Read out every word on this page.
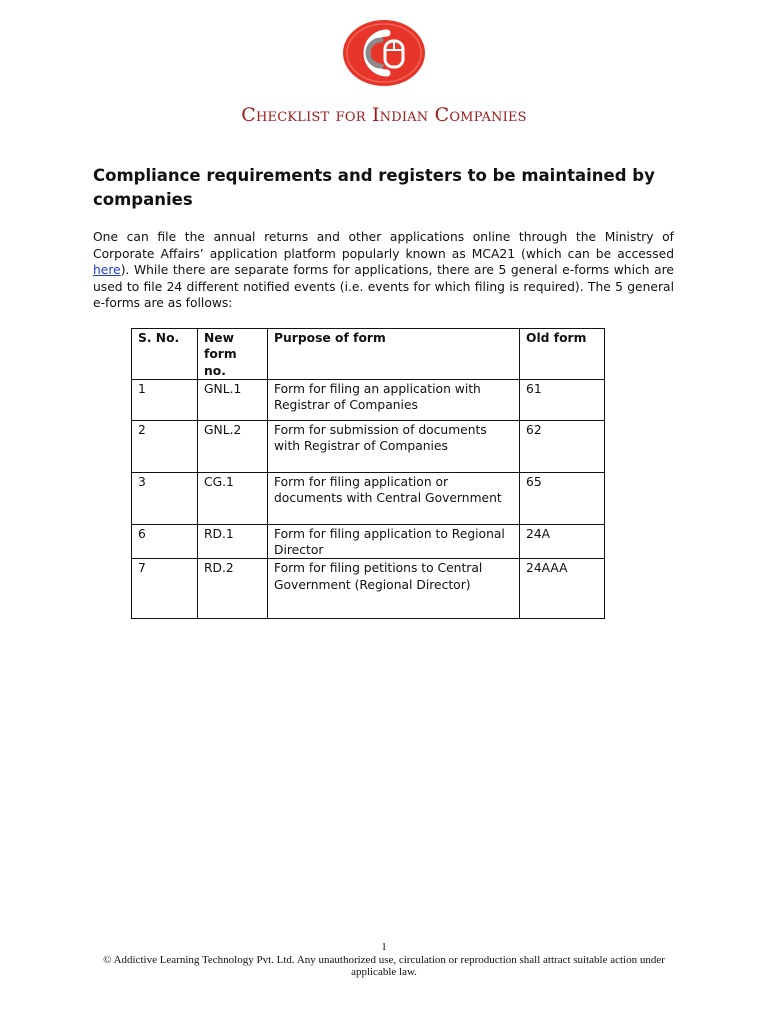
Checklist for Indian Companies
Compliance requirements and registers to be maintained by companies

One can file the annual returns and other applications online through the Ministry of Corporate Affairs’ application platform popularly known as MCA21 (which can be accessed here). While there are separate forms for applications, there are 5 general e-forms which are used to file 24 different notified events (i.e. events for which filing is required). The 5 general e-forms are as follows:

S. No.	New form no.	Purpose of form	Old form
1	GNL.1	Form for filing an application with Registrar of Companies	61
2	GNL.2	Form for submission of documents with Registrar of Companies	62
3	CG.1	Form for filing application or documents with Central Government	65
6	RD.1	Form for filing application to Regional Director	24A
7	RD.2	Form for filing petitions to Central Government (Regional Director)	24AAA
1
© Addictive Learning Technology Pvt. Ltd. Any unauthorized use, circulation or reproduction shall attract suitable action under applicable law.
